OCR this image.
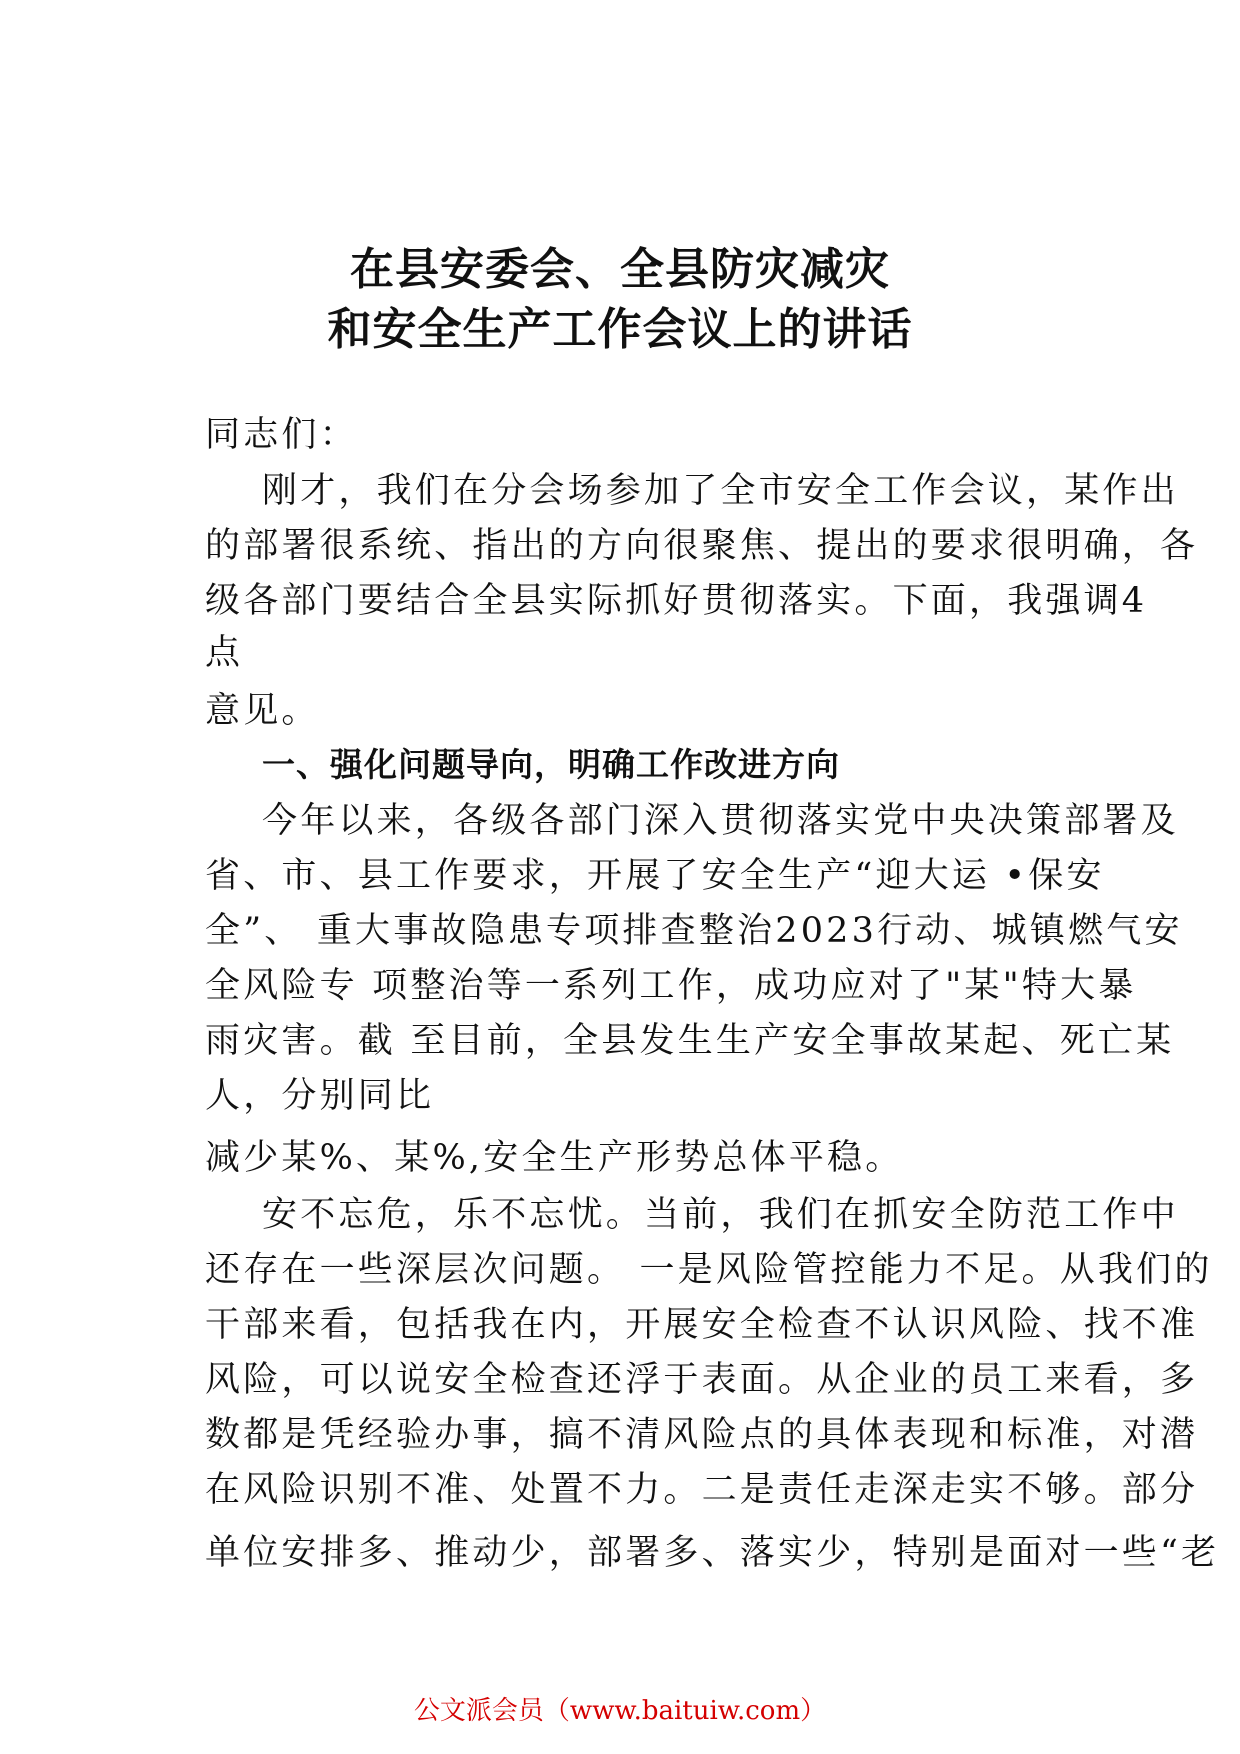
在县安委会、全县防灾减灾
和安全生产工作会议上的讲话
同志们：
刚才，我们在分会场参加了全市安全工作会议，某作出
的部署很系统、指出的方向很聚焦、提出的要求很明确，各
级各部门要结合全县实际抓好贯彻落实。下面，我强调4
点
意见。
一、强化问题导向，明确工作改进方向
今年以来，各级各部门深入贯彻落实党中央决策部署及
省、市、县工作要求，开展了安全生产“迎大运 •保安
全”、 重大事故隐患专项排查整治2023行动、城镇燃气安
全风险专 项整治等一系列工作，成功应对了"某"特大暴
雨灾害。截 至目前，全县发生生产安全事故某起、死亡某
人，分别同比
减少某%、某%,安全生产形势总体平稳。
安不忘危，乐不忘忧。当前，我们在抓安全防范工作中
还存在一些深层次问题。 一是风险管控能力不足。从我们的
干部来看，包括我在内，开展安全检查不认识风险、找不准
风险，可以说安全检查还浮于表面。从企业的员工来看，多
数都是凭经验办事，搞不清风险点的具体表现和标准，对潜
在风险识别不准、处置不力。二是责任走深走实不够。部分
单位安排多、推动少，部署多、落实少，特别是面对一些“老
公文派会员（www.baituiw.com）
